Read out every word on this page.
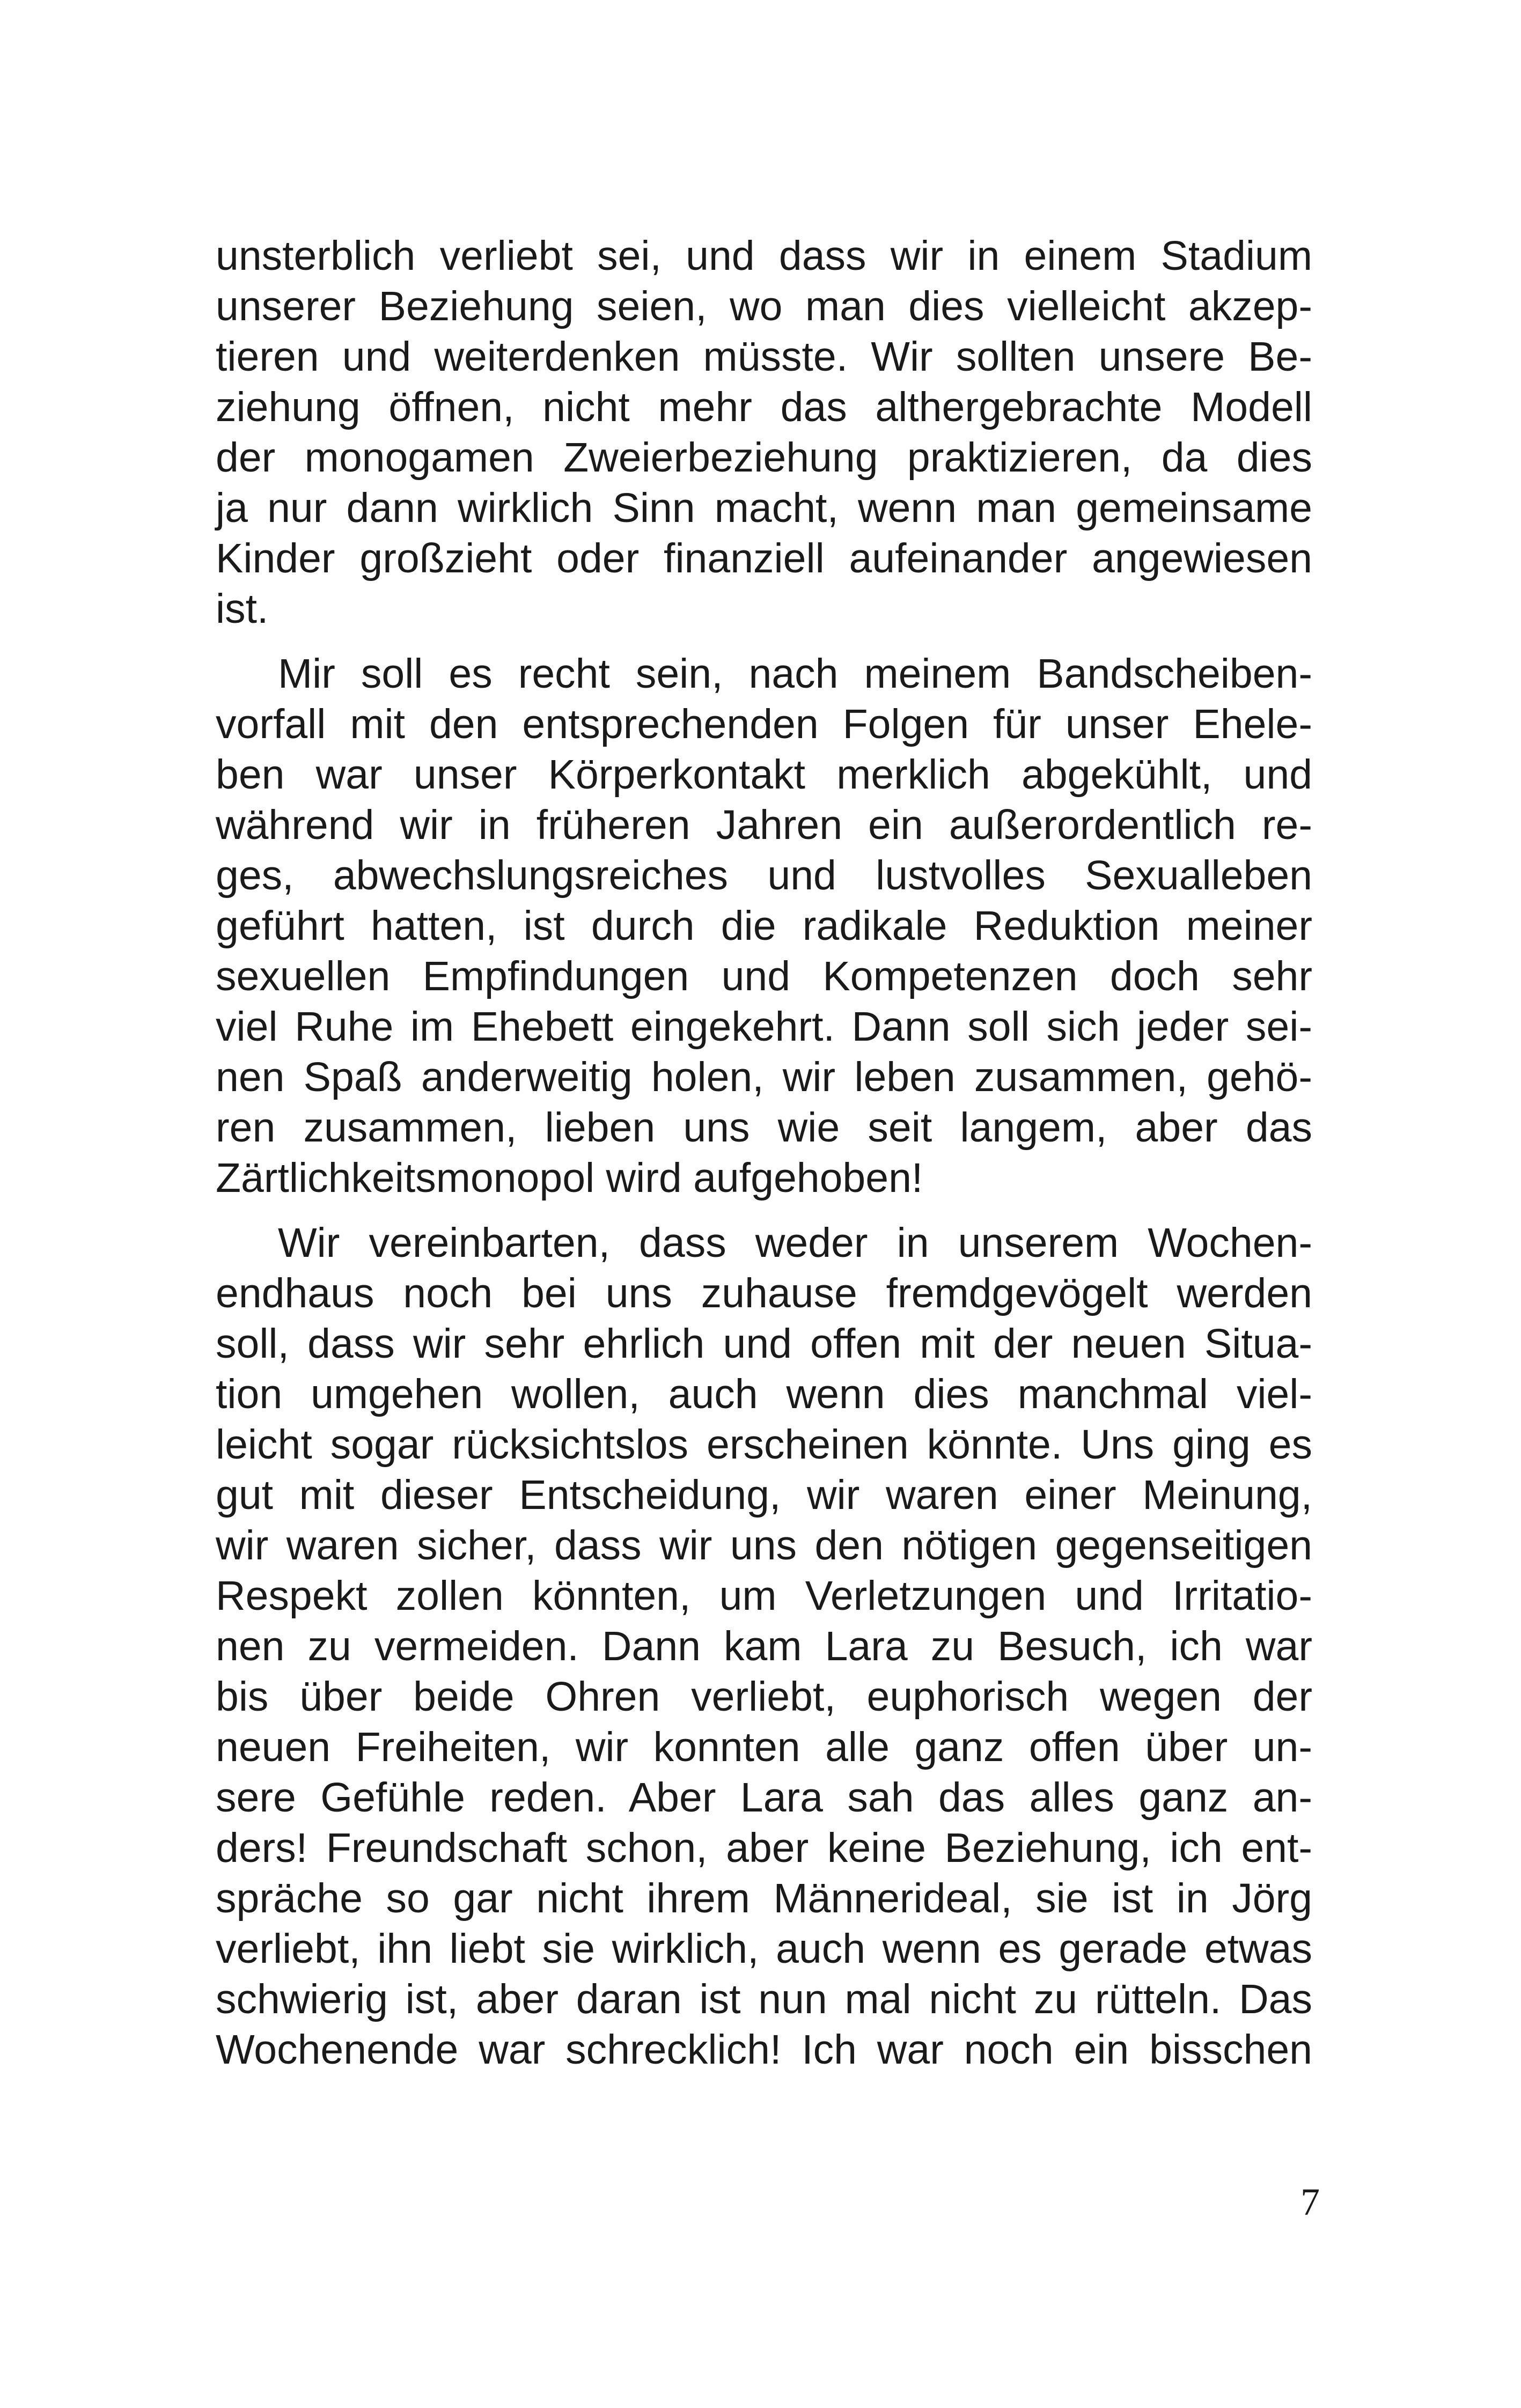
unsterblich verliebt sei, und dass wir in einem Stadium
unserer Beziehung seien, wo man dies vielleicht akzep-
tieren und weiterdenken müsste. Wir sollten unsere Be-
ziehung öffnen, nicht mehr das althergebrachte Modell
der monogamen Zweierbeziehung praktizieren, da dies
ja nur dann wirklich Sinn macht, wenn man gemeinsame
Kinder großzieht oder finanziell aufeinander angewiesen
ist.
Mir soll es recht sein, nach meinem Bandscheiben-
vorfall mit den entsprechenden Folgen für unser Ehele-
ben war unser Körperkontakt merklich abgekühlt, und
während wir in früheren Jahren ein außerordentlich re-
ges, abwechslungsreiches und lustvolles Sexualleben
geführt hatten, ist durch die radikale Reduktion meiner
sexuellen Empfindungen und Kompetenzen doch sehr
viel Ruhe im Ehebett eingekehrt. Dann soll sich jeder sei-
nen Spaß anderweitig holen, wir leben zusammen, gehö-
ren zusammen, lieben uns wie seit langem, aber das
Zärtlichkeitsmonopol wird aufgehoben!
Wir vereinbarten, dass weder in unserem Wochen-
endhaus noch bei uns zuhause fremdgevögelt werden
soll, dass wir sehr ehrlich und offen mit der neuen Situa-
tion umgehen wollen, auch wenn dies manchmal viel-
leicht sogar rücksichtslos erscheinen könnte. Uns ging es
gut mit dieser Entscheidung, wir waren einer Meinung,
wir waren sicher, dass wir uns den nötigen gegenseitigen
Respekt zollen könnten, um Verletzungen und Irritatio-
nen zu vermeiden. Dann kam Lara zu Besuch, ich war
bis über beide Ohren verliebt, euphorisch wegen der
neuen Freiheiten, wir konnten alle ganz offen über un-
sere Gefühle reden. Aber Lara sah das alles ganz an-
ders! Freundschaft schon, aber keine Beziehung, ich ent-
spräche so gar nicht ihrem Männerideal, sie ist in Jörg
verliebt, ihn liebt sie wirklich, auch wenn es gerade etwas
schwierig ist, aber daran ist nun mal nicht zu rütteln. Das
Wochenende war schrecklich! Ich war noch ein bisschen
7
